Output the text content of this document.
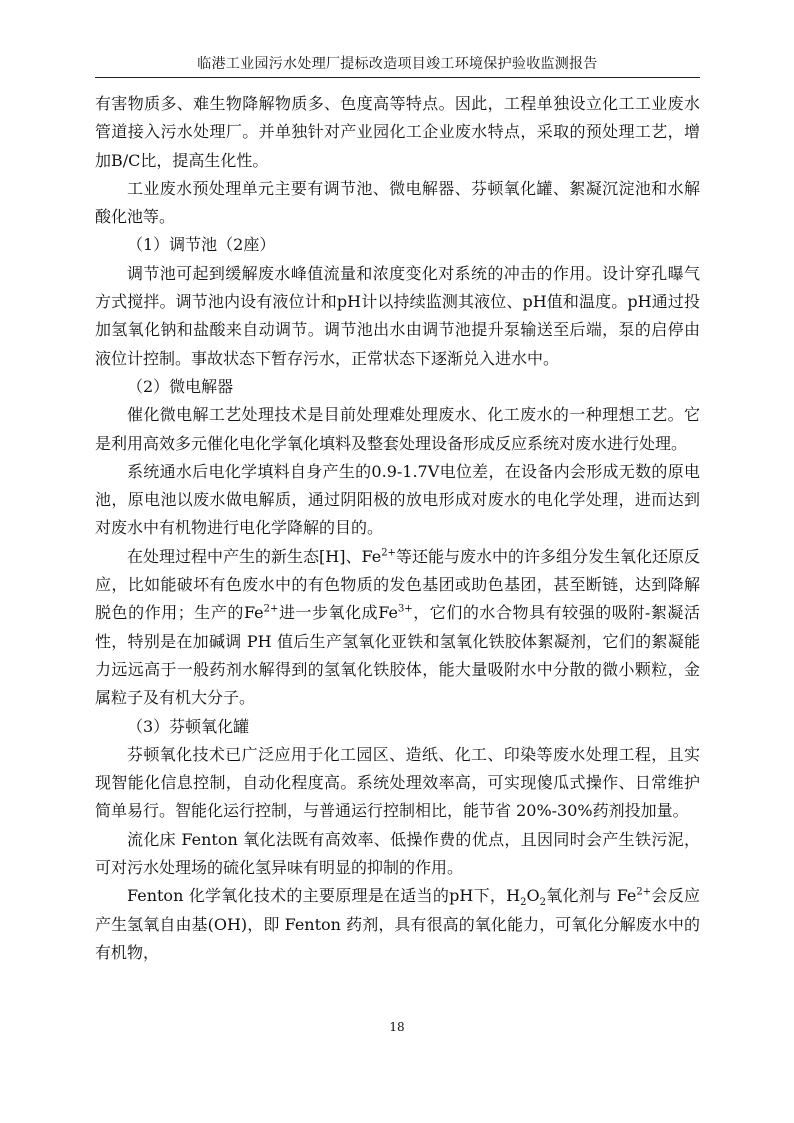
临港工业园污水处理厂提标改造项目竣工环境保护验收监测报告

有害物质多、难生物降解物质多、色度高等特点。因此，工程单独设立化工工业废水管道接入污水处理厂。并单独针对产业园化工企业废水特点，采取的预处理工艺，增加B/C比，提高生化性。

工业废水预处理单元主要有调节池、微电解器、芬顿氧化罐、絮凝沉淀池和水解酸化池等。

（1）调节池（2座）

调节池可起到缓解废水峰值流量和浓度变化对系统的冲击的作用。设计穿孔曝气方式搅拌。调节池内设有液位计和pH计以持续监测其液位、pH值和温度。pH通过投加氢氧化钠和盐酸来自动调节。调节池出水由调节池提升泵输送至后端，泵的启停由液位计控制。事故状态下暂存污水，正常状态下逐渐兑入进水中。

（2）微电解器

催化微电解工艺处理技术是目前处理难处理废水、化工废水的一种理想工艺。它是利用高效多元催化电化学氧化填料及整套处理设备形成反应系统对废水进行处理。

系统通水后电化学填料自身产生的0.9-1.7V电位差，在设备内会形成无数的原电池，原电池以废水做电解质，通过阴阳极的放电形成对废水的电化学处理，进而达到对废水中有机物进行电化学降解的目的。

在处理过程中产生的新生态[H]、$Fe^{2+}$等还能与废水中的许多组分发生氧化还原反应，比如能破坏有色废水中的有色物质的发色基团或助色基团，甚至断链，达到降解脱色的作用；生产的$Fe^{2+}$进一步氧化成$Fe^{3+}$，它们的水合物具有较强的吸附-絮凝活性，特别是在加碱调 PH 值后生产氢氧化亚铁和氢氧化铁胶体絮凝剂，它们的絮凝能力远远高于一般药剂水解得到的氢氧化铁胶体，能大量吸附水中分散的微小颗粒，金属粒子及有机大分子。

（3）芬顿氧化罐

芬顿氧化技术已广泛应用于化工园区、造纸、化工、印染等废水处理工程，且实现智能化信息控制，自动化程度高。系统处理效率高，可实现傻瓜式操作、日常维护简单易行。智能化运行控制，与普通运行控制相比，能节省 20%-30%药剂投加量。

流化床 Fenton 氧化法既有高效率、低操作费的优点，且因同时会产生铁污泥，可对污水处理场的硫化氢异味有明显的抑制的作用。

Fenton 化学氧化技术的主要原理是在适当的pH下，$H_2O_2$氧化剂与 $Fe^{2+}$会反应产生氢氧自由基(OH)，即 Fenton 药剂，具有很高的氧化能力，可氧化分解废水中的有机物，

18
